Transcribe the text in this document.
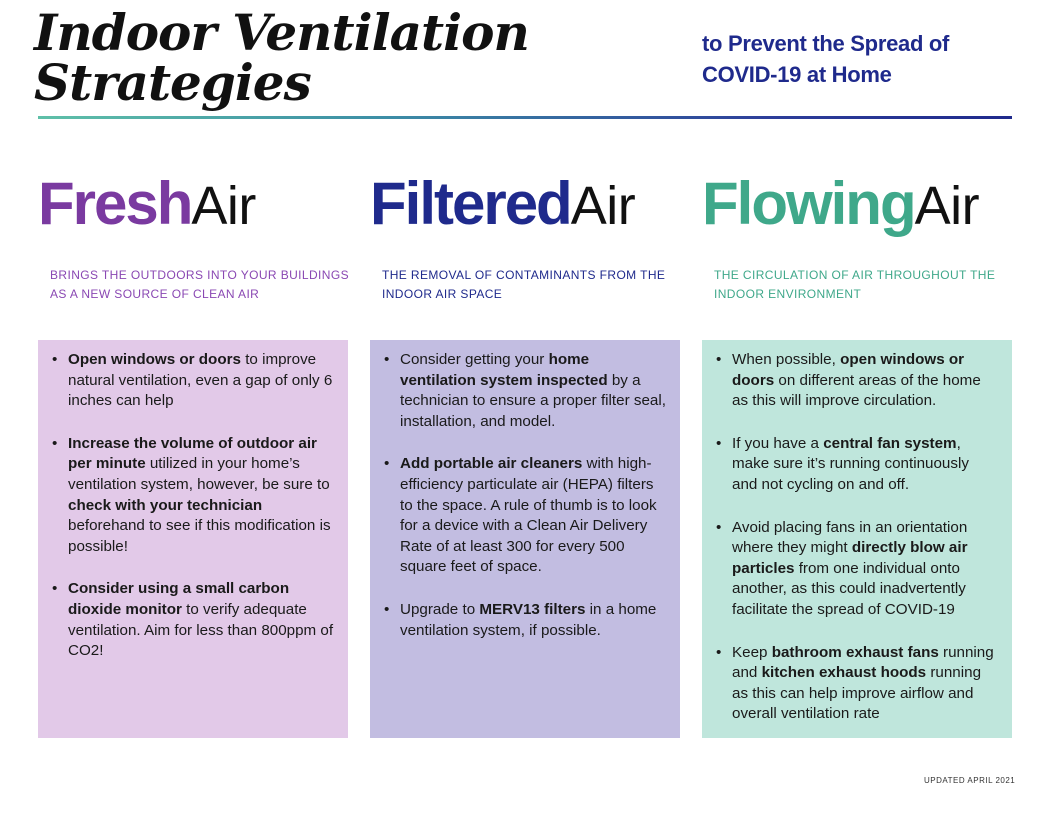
Indoor Ventilation
Strategies
to Prevent the Spread of
COVID-19 at Home
FreshAir
BRINGS THE OUTDOORS INTO YOUR BUILDINGS
AS A NEW SOURCE OF CLEAN AIR
• Open windows or doors to improve natural ventilation, even a gap of only 6 inches can help
• Increase the volume of outdoor air per minute utilized in your home’s ventilation system, however, be sure to check with your technician beforehand to see if this modification is possible!
• Consider using a small carbon dioxide monitor to verify adequate ventilation. Aim for less than 800ppm of CO2!
FilteredAir
THE REMOVAL OF CONTAMINANTS FROM THE
INDOOR AIR SPACE
• Consider getting your home ventilation system inspected by a technician to ensure a proper filter seal, installation, and model.
• Add portable air cleaners with high-efficiency particulate air (HEPA) filters to the space. A rule of thumb is to look for a device with a Clean Air Delivery Rate of at least 300 for every 500 square feet of space.
• Upgrade to MERV13 filters in a home ventilation system, if possible.
FlowingAir
THE CIRCULATION OF AIR THROUGHOUT THE
INDOOR ENVIRONMENT
• When possible, open windows or doors on different areas of the home as this will improve circulation.
• If you have a central fan system, make sure it’s running continuously and not cycling on and off.
• Avoid placing fans in an orientation where they might directly blow air particles from one individual onto another, as this could inadvertently facilitate the spread of COVID-19
• Keep bathroom exhaust fans running and kitchen exhaust hoods running as this can help improve airflow and overall ventilation rate
UPDATED APRIL 2021
